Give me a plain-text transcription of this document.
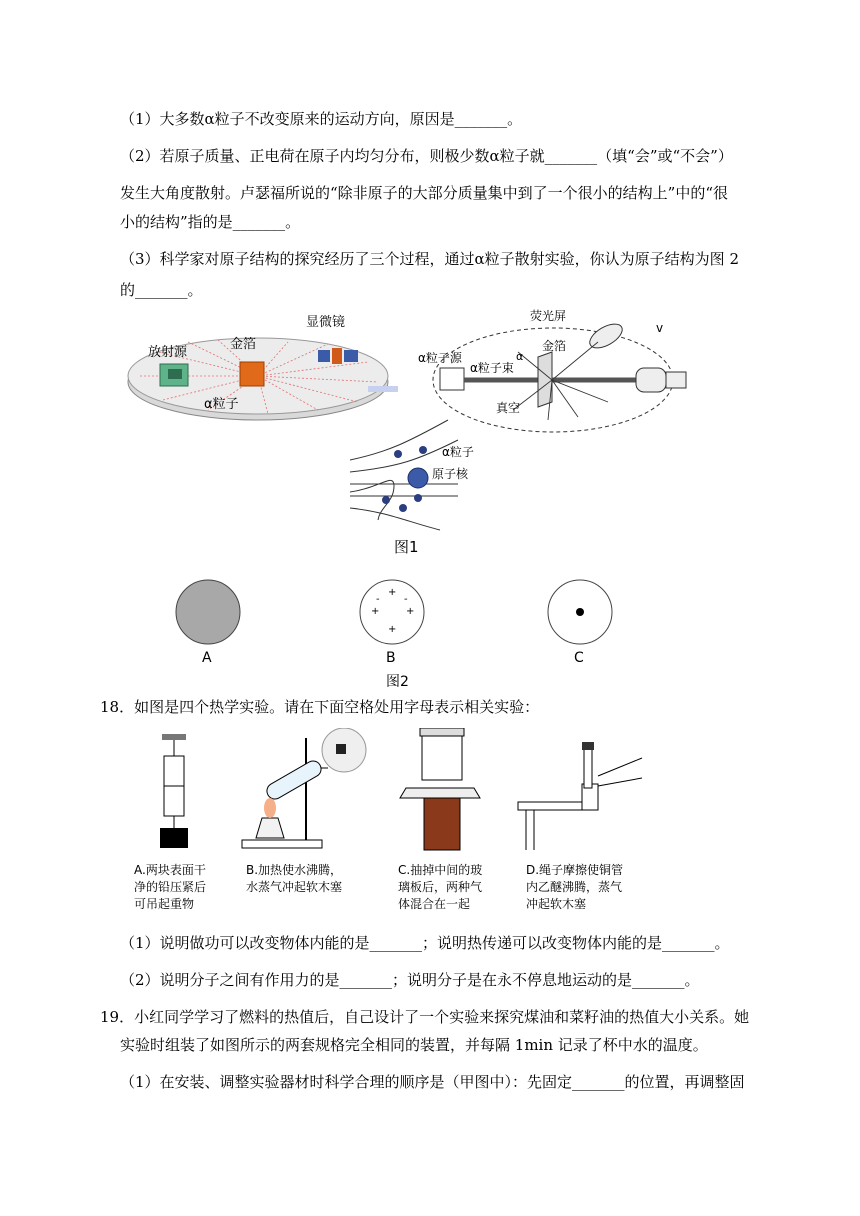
（1）大多数α粒子不改变原来的运动方向，原因是_______。
（2）若原子质量、正电荷在原子内均匀分布，则极少数α粒子就_______（填“会”或“不会”）
发生大角度散射。卢瑟福所说的“除非原子的大部分质量集中到了一个很小的结构上”中的“很
小的结构”指的是_______。
（3）科学家对原子结构的探究经历了三个过程，通过α粒子散射实验，你认为原子结构为图 2
的_______。
放射源
金箔
显微镜
α粒子
荧光屏
α粒子源
α粒子束
金箔
真空
α
v
α粒子
原子核
图1
A
+
+	+
+
- -
B
图2
C
18．如图是四个热学实验。请在下面空格处用字母表示相关实验：
A.两块表面干
净的铅压紧后
可吊起重物
B.加热使水沸腾，
水蒸气冲起软木塞
C.抽掉中间的玻
璃板后，两种气
体混合在一起
D.绳子摩擦使铜管
内乙醚沸腾，蒸气
冲起软木塞
（1）说明做功可以改变物体内能的是_______；说明热传递可以改变物体内能的是_______。
（2）说明分子之间有作用力的是_______；说明分子是在永不停息地运动的是_______。
19．小红同学学习了燃料的热值后，自己设计了一个实验来探究煤油和菜籽油的热值大小关系。她
实验时组装了如图所示的两套规格完全相同的装置，并每隔 1min 记录了杯中水的温度。
（1）在安装、调整实验器材时科学合理的顺序是（甲图中）：先固定_______的位置，再调整固
